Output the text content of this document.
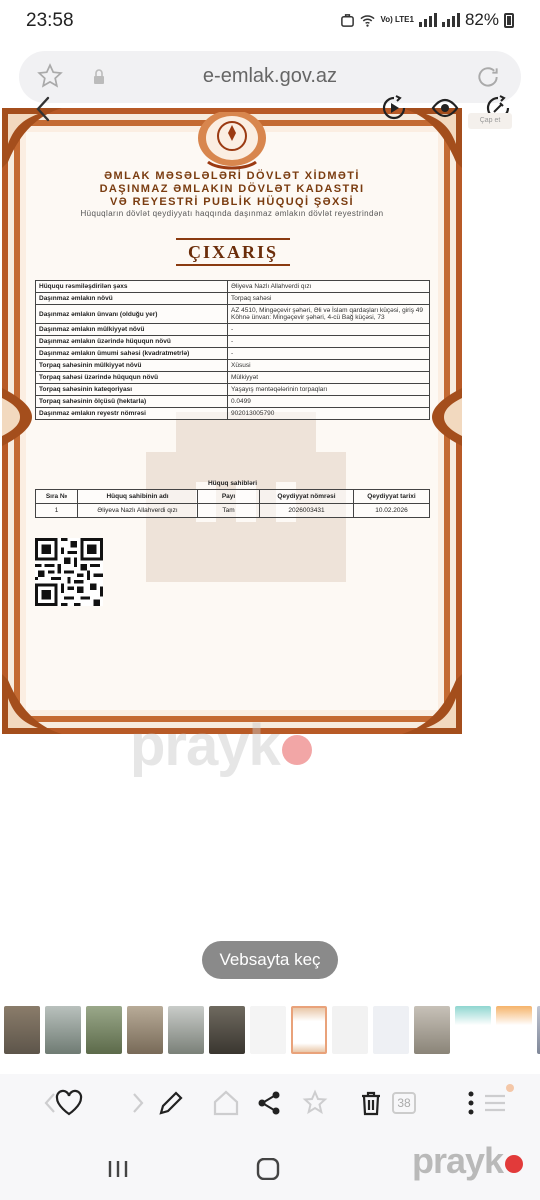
23:58	Vo) LTE1	82%
e-emlak.gov.az
ƏMLAK MƏSƏLƏLƏRİ DÖVLƏT XİDMƏTİ
DAŞINMAZ ƏMLAKIN DÖVLƏT KADASTRI
VƏ REYESTRİ PUBLİK HÜQUQİ ŞƏXSİ
Hüquqların dövlət qeydiyyatı haqqında daşınmaz əmlakın dövlət reyestrindən
ÇIXARIŞ
Hüququ rəsmiləşdirilən şəxs	Əliyeva Nazlı Allahverdi qızı
Daşınmaz əmlakın növü	Torpaq sahəsi
Daşınmaz əmlakın ünvanı (olduğu yer)	AZ 4510, Mingəçevir şəhəri, Əli və İslam qardaşları küçəsi, giriş 49
Köhnə ünvan: Mingəçevir şəhəri, 4-cü Bağ küçəsi, 73

Daşınmaz əmlakın mülkiyyət növü	-
Daşınmaz əmlakın üzərində hüququn növü	-
Daşınmaz əmlakın ümumi sahəsi (kvadratmetrlə)	-
Torpaq sahəsinin mülkiyyət növü	Xüsusi
Torpaq sahəsi üzərində hüququn növü	Mülkiyyət
Torpaq sahəsinin kateqoriyası	Yaşayış məntəqələrinin torpaqları
Torpaq sahəsinin ölçüsü (hektarla)	0.0499
Daşınmaz əmlakın reyestr nömrəsi	902013005790
Hüquq sahibləri
Sıra №	Hüquq sahibinin adı	Payı	Qeydiyyat nömrəsi	Qeydiyyat tarixi
1	Əliyeva Nazlı Allahverdi qızı	Tam	2026003431	10.02.2026
Çap et
prayk
Vebsayta keç
38
prayk
